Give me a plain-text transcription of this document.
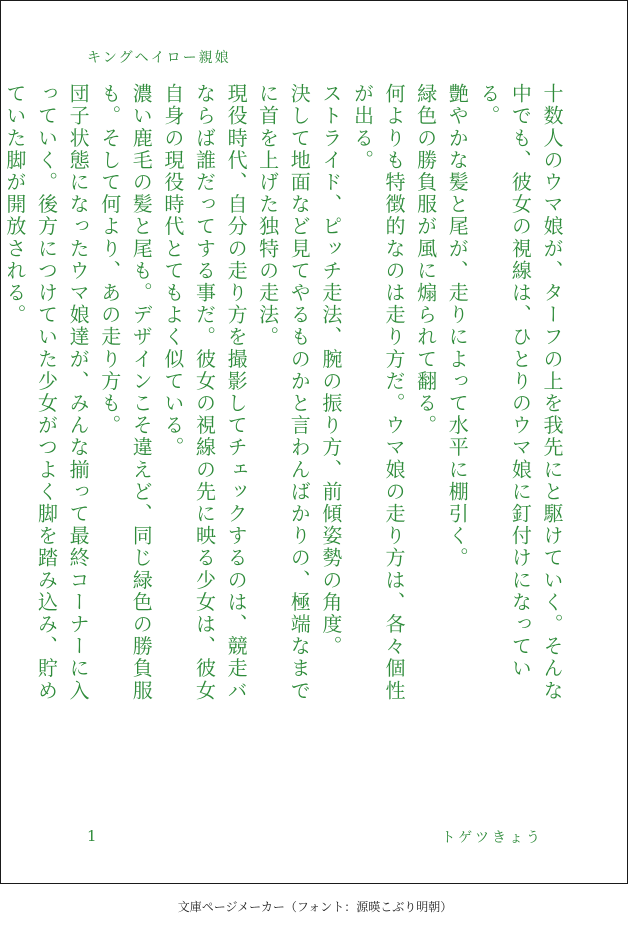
キングヘイロー親娘

十数人のウマ娘が、ターフの上を我先にと駆けていく。そんな中でも、彼女の視線は、ひとりのウマ娘に釘付けになっている。

艶やかな髪と尾が、走りによって水平に棚引く。

緑色の勝負服が風に煽られて翻る。

何よりも特徴的なのは走り方だ。ウマ娘の走り方は、各々個性が出る。

ストライド、ピッチ走法、腕の振り方、前傾姿勢の角度。

決して地面など見てやるものかと言わんばかりの、極端なまでに首を上げた独特の走法。

現役時代、自分の走り方を撮影してチェックするのは、競走バならば誰だってする事だ。彼女の視線の先に映る少女は、彼女自身の現役時代とてもよく似ている。

濃い鹿毛の髪と尾も。デザインこそ違えど、同じ緑色の勝負服も。そして何より、あの走り方も。

団子状態になったウマ娘達が、みんな揃って最終コーナーに入っていく。後方につけていた少女がつよく脚を踏み込み、貯めていた脚が開放される。

1	トゲツきょう
文庫ページメーカー（フォント：源暎こぶり明朝）
